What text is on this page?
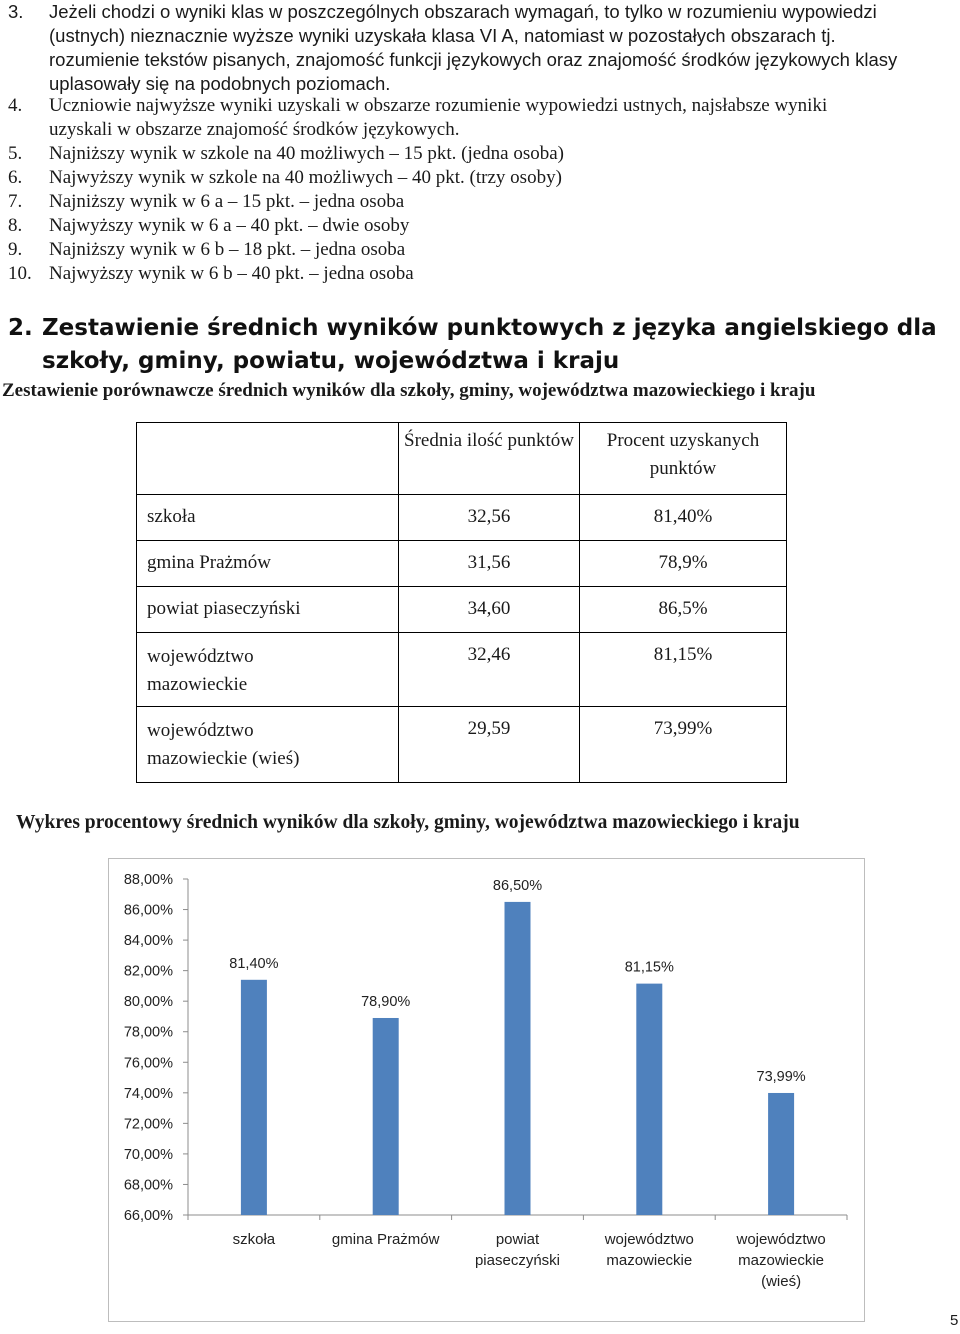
3.	Jeżeli chodzi o wyniki klas w poszczególnych obszarach wymagań, to tylko w rozumieniu wypowiedzi
(ustnych) nieznacznie wyższe wyniki uzyskała klasa VI A, natomiast w pozostałych obszarach tj.
rozumienie tekstów pisanych, znajomość funkcji językowych oraz znajomość środków językowych klasy
uplasowały się na podobnych poziomach.
4.	Uczniowie najwyższe wyniki uzyskali w obszarze rozumienie wypowiedzi ustnych, najsłabsze wyniki
uzyskali w obszarze znajomość środków językowych.
5.	Najniższy wynik w szkole na 40 możliwych – 15 pkt. (jedna osoba)
6.	Najwyższy wynik w szkole na 40 możliwych – 40 pkt. (trzy osoby)
7.	Najniższy wynik w 6 a – 15 pkt. – jedna osoba
8.	Najwyższy wynik w 6 a – 40 pkt. – dwie osoby
9.	Najniższy wynik w 6 b – 18 pkt. – jedna osoba
10. Najwyższy wynik w 6 b – 40 pkt. – jedna osoba
2. Zestawienie średnich wyników punktowych z języka angielskiego dla szkoły, gminy, powiatu, województwa i kraju
Zestawienie porównawcze średnich wyników dla szkoły, gminy, województwa mazowieckiego i kraju
	Średnia ilość punktów	Procent uzyskanych punktów
szkoła	32,56	81,40%
gmina Prażmów	31,56	78,9%
powiat piaseczyński	34,60	86,5%
województwo mazowieckie	32,46	81,15%
województwo mazowieckie (wieś)	29,59	73,99%
Wykres procentowy średnich wyników dla szkoły, gminy, województwa mazowieckiego i kraju
66,00%
68,00%
70,00%
72,00%
74,00%
76,00%
78,00%
80,00%
82,00%
84,00%
86,00%
88,00%
81,40%
szkoła
78,90%
gmina Prażmów
86,50%
powiat
piaseczyński
81,15%
województwo
mazowieckie
73,99%
województwo
mazowieckie
(wieś)
5
